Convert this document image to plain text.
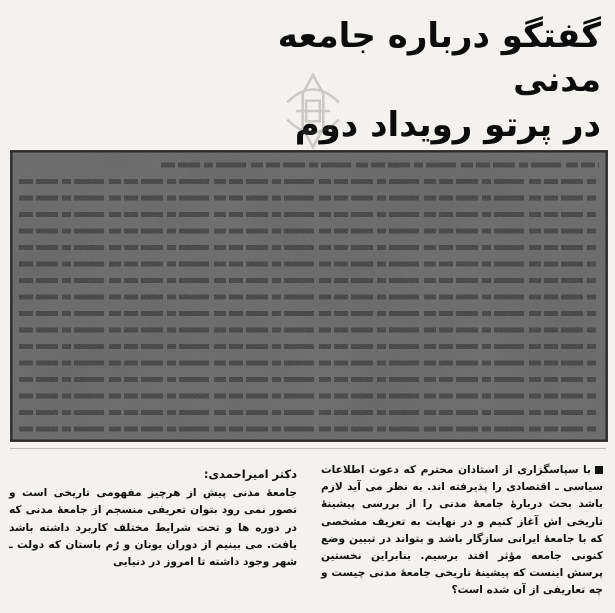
گفتگو درباره جامعه مدنی
در پرتو رویداد دوم

با سپاسگزاری از استادان محترم که دعوت اطلاعات سیاسی ـ اقتصادی را پذیرفته اند. به نظر می آید لازم باشد بحث دربارهٔ جامعهٔ مدنی را از بررسی پیشینهٔ تاریخی اش آغاز کنیم و در نهایت به تعریف مشخصی که با جامعهٔ ایرانی سازگار باشد و بتواند در تبیین وضع کنونی جامعه مؤثر افتد برسیم. بنابراین نخستین پرسش اینست که پیشینهٔ تاریخی جامعهٔ مدنی چیست و چه تعاریفی از آن شده است؟

دکتر امیراحمدی:

جامعهٔ مدنی پیش از هرچیز مفهومی تاریخی است و تصور نمی رود بتوان تعریفی منسجم از جامعهٔ مدنی که در دوره ها و تحت شرایط مختلف کاربرد داشته باشد یافت. می بینیم از دوران یونان و رُم باستان که دولت ـ شهر وجود داشته تا امروز در دنیایی
